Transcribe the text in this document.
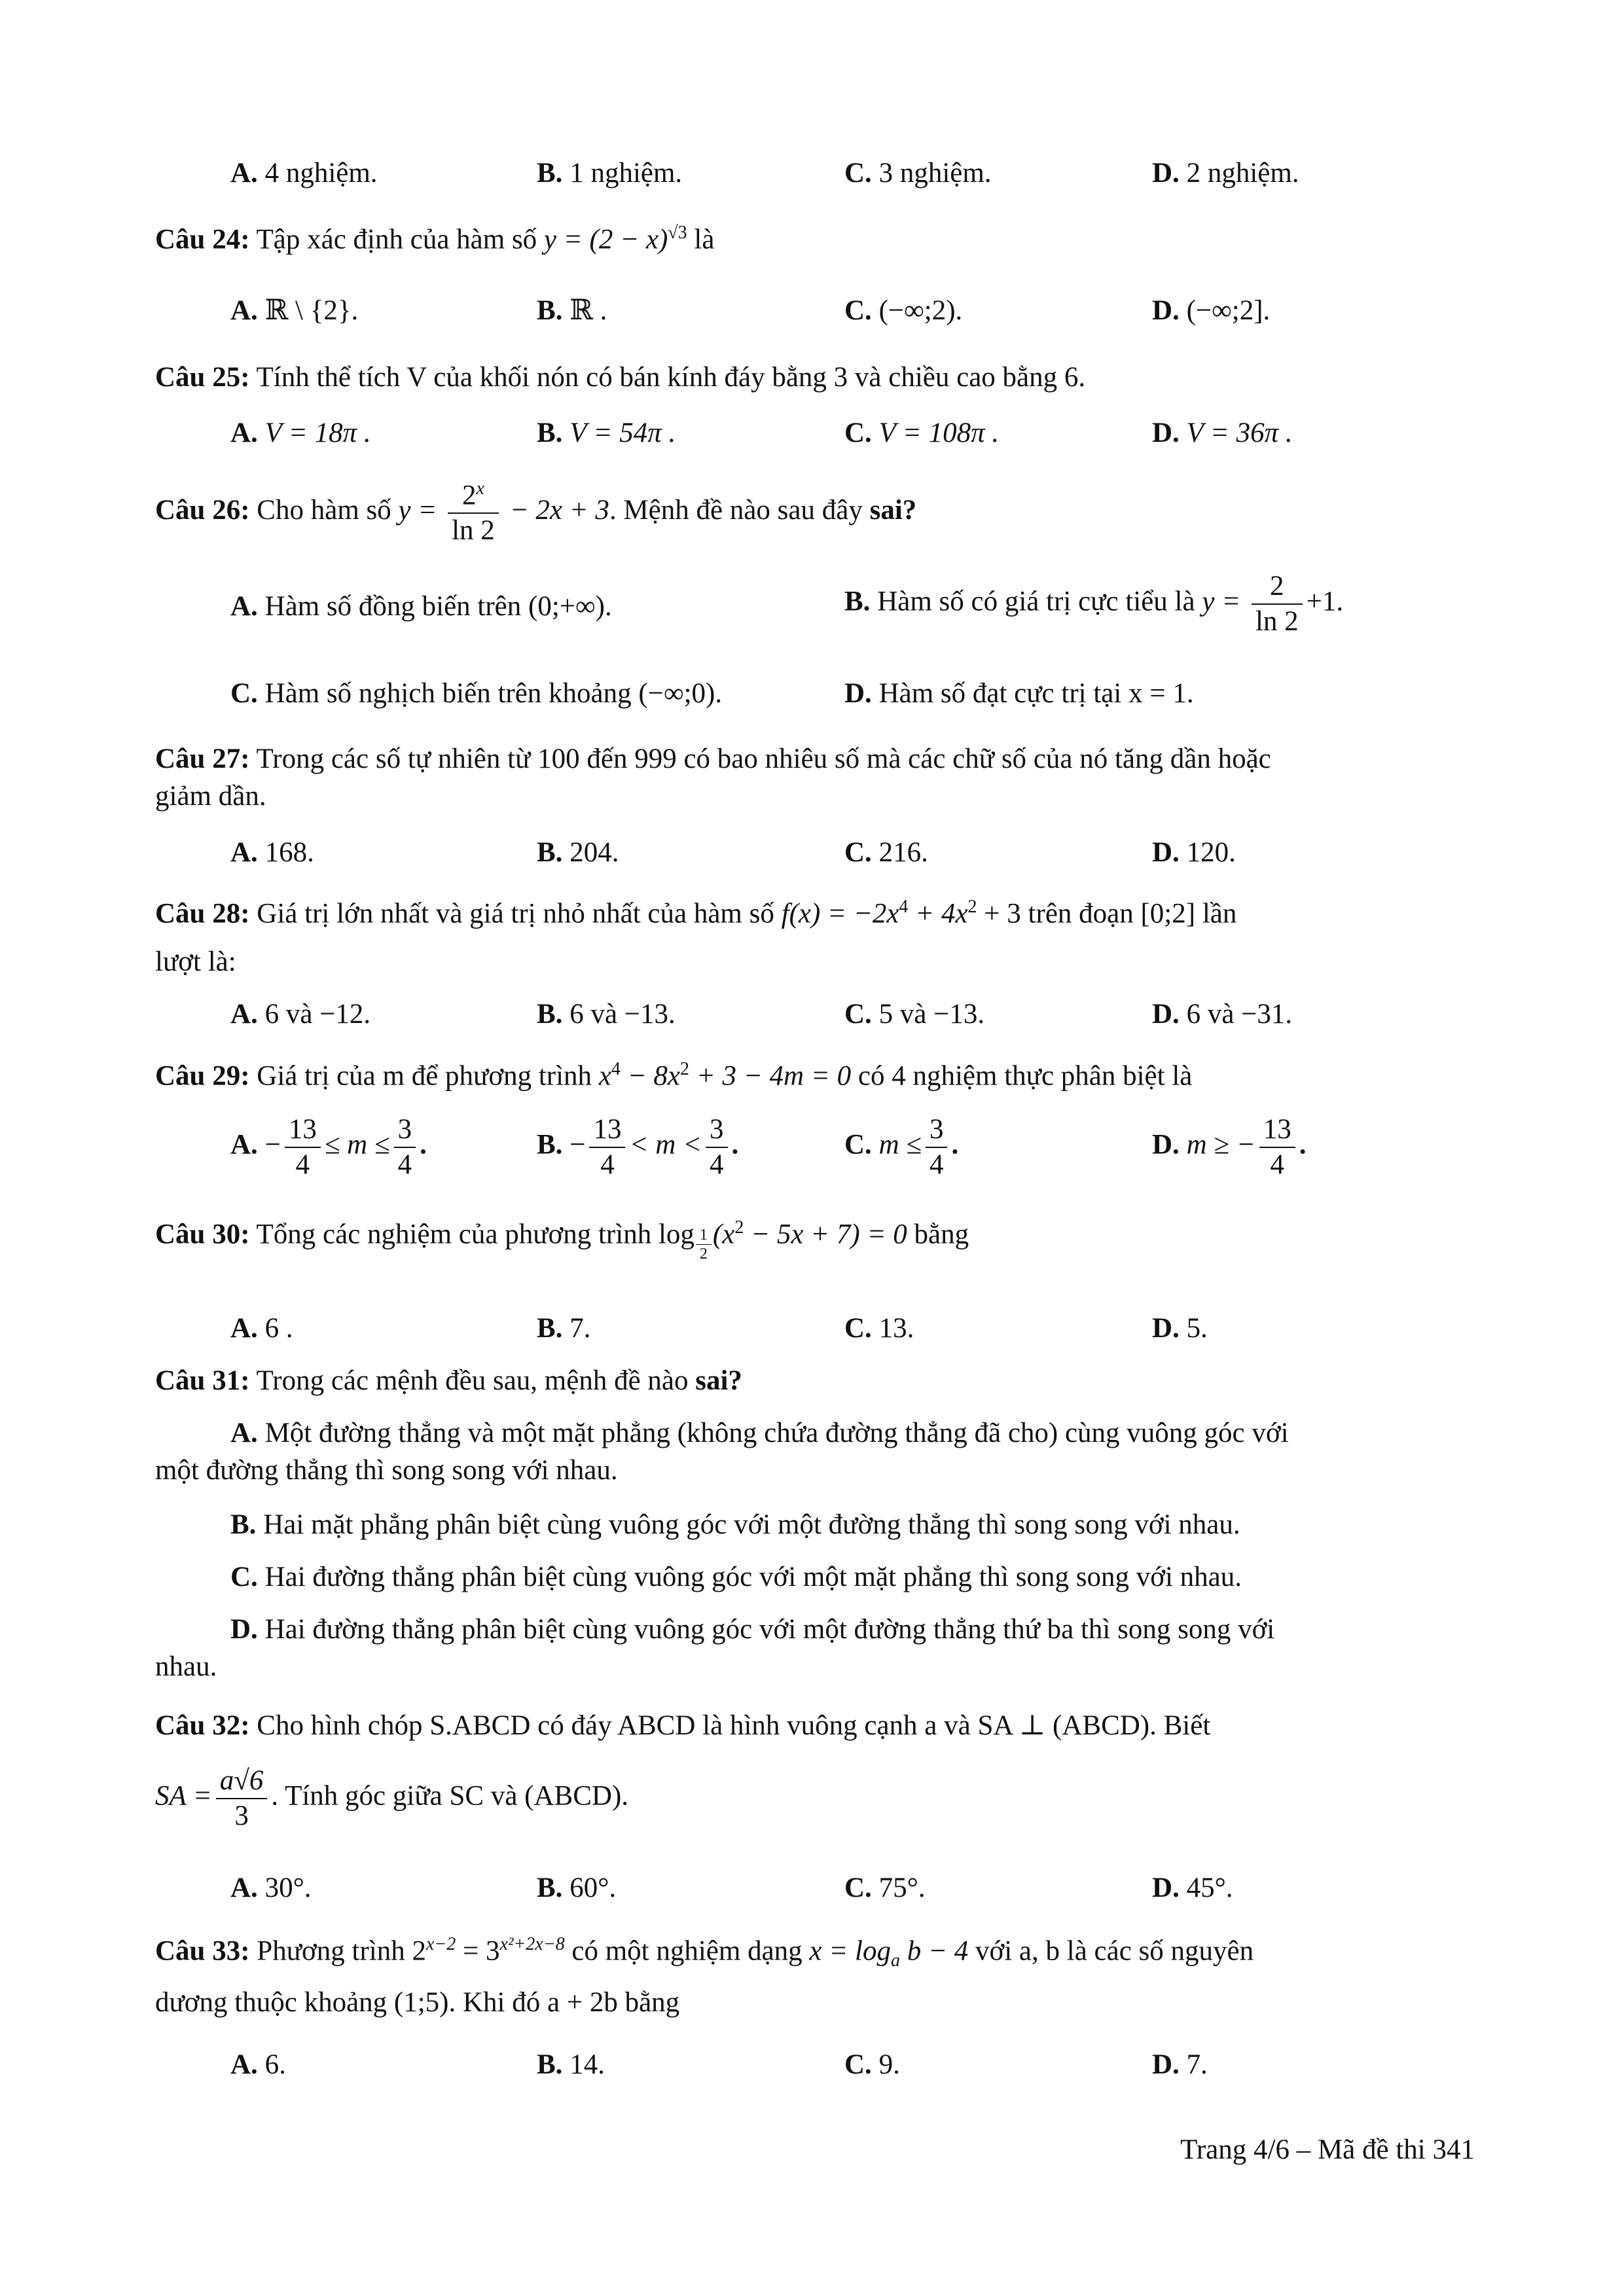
A. 4 nghiệm.	B. 1 nghiệm.	C. 3 nghiệm.	D. 2 nghiệm.
Câu 24: Tập xác định của hàm số $y = (2 - x)^{√3}$ là
A. ℝ \ {2}.	B. ℝ .	C. (−∞;2).	D. (−∞;2].
Câu 25: Tính thể tích V của khối nón có bán kính đáy bằng 3 và chiều cao bằng 6.
A. V = 18π .	B. V = 54π .	C. V = 108π .	D. V = 36π .
Câu 26: Cho hàm số $y = \frac{2^x}{\ln 2} - 2x + 3$. Mệnh đề nào sau đây sai?
A. Hàm số đồng biến trên (0;+∞).	B. Hàm số có giá trị cực tiểu là $y = \frac{2}{\ln 2} +1$.
C. Hàm số nghịch biến trên khoảng (−∞;0).	D. Hàm số đạt cực trị tại x = 1.
Câu 27: Trong các số tự nhiên từ 100 đến 999 có bao nhiêu số mà các chữ số của nó tăng dần hoặc
giảm dần.
A. 168.	B. 204.	C. 216.	D. 120.
Câu 28: Giá trị lớn nhất và giá trị nhỏ nhất của hàm số $f(x) = -2x^4 + 4x^2 + 3$ trên đoạn [0;2] lần
lượt là:
A. 6 và −12.	B. 6 và −13.	C. 5 và −13.	D. 6 và −31.
Câu 29: Giá trị của m để phương trình $x^4 - 8x^2 + 3 - 4m = 0$ có 4 nghiệm thực phân biệt là
A. − $\frac{13}{4} \le m \le \frac{3}{4}$ .	B. − $\frac{13}{4} < m < \frac{3}{4}$ .	C. $m \le \frac{3}{4}$ .	D. m ≥ − $\frac{13}{4}$ .
Câu 30: Tổng các nghiệm của phương trình $\log \frac{1}{2} (x^2 - 5x + 7) = 0$ bằng
A. 6 .	B. 7.	C. 13.	D. 5.
Câu 31: Trong các mệnh đều sau, mệnh đề nào sai?
A. Một đường thẳng và một mặt phẳng (không chứa đường thẳng đã cho) cùng vuông góc với
một đường thẳng thì song song với nhau.
B. Hai mặt phẳng phân biệt cùng vuông góc với một đường thẳng thì song song với nhau.
C. Hai đường thẳng phân biệt cùng vuông góc với một mặt phẳng thì song song với nhau.
D. Hai đường thẳng phân biệt cùng vuông góc với một đường thẳng thứ ba thì song song với
nhau.
Câu 32: Cho hình chóp S.ABCD có đáy ABCD là hình vuông cạnh a và SA ⊥ (ABCD). Biết
SA = $\frac{a√6}{3}$ . Tính góc giữa SC và (ABCD).
A. 30°.	B. 60°.	C. 75°.	D. 45°.
Câu 33: Phương trình $2^{x-2} = 3^{x^2+2x-8}$ có một nghiệm dạng $x = \log_a b - 4$ với a, b là các số nguyên
dương thuộc khoảng (1;5). Khi đó a + 2b bằng
A. 6.	B. 14.	C. 9.	D. 7.
Trang 4/6 – Mã đề thi 341
